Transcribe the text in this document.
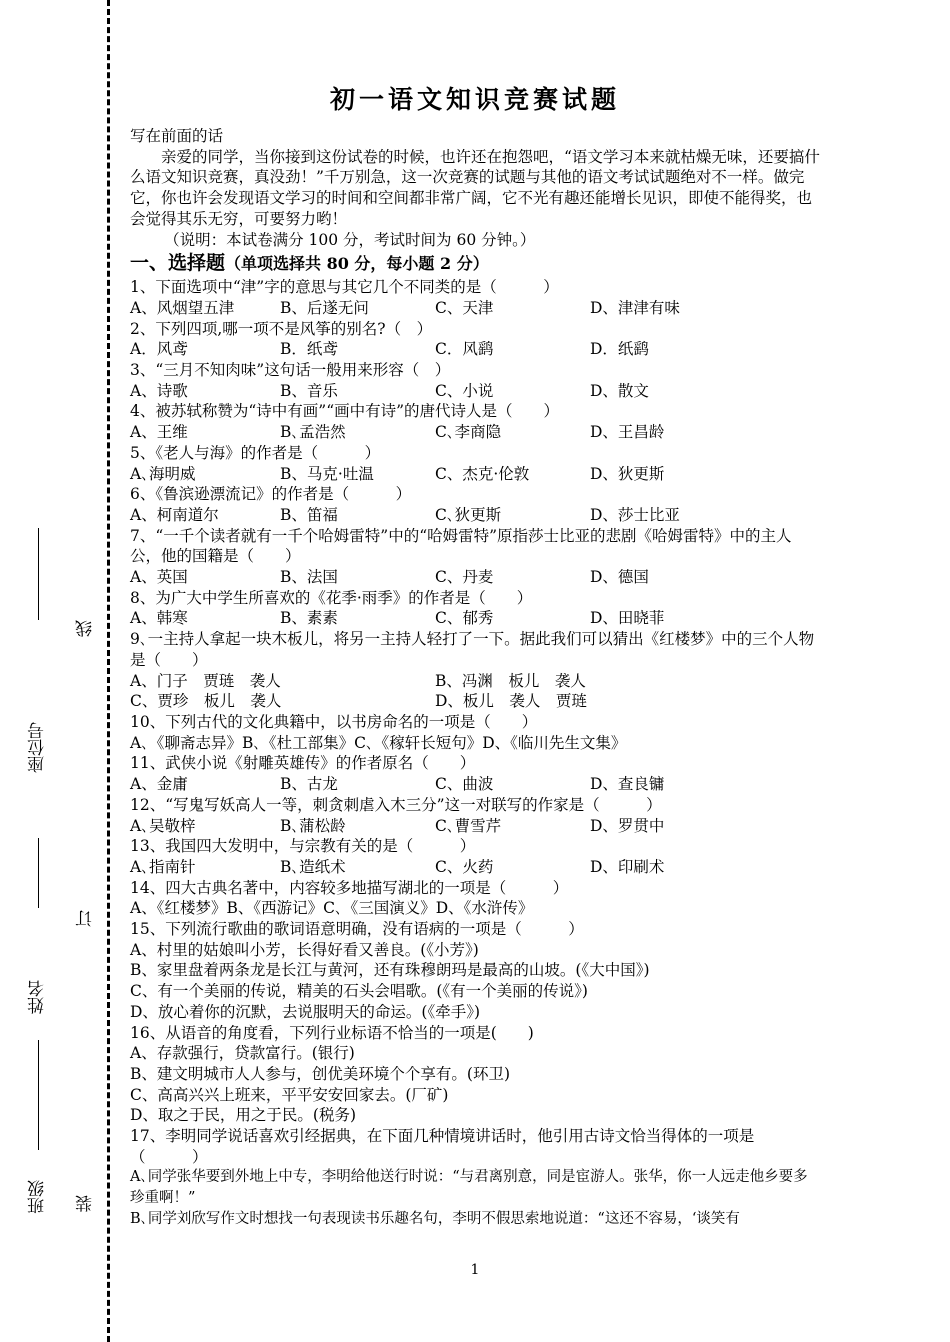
线
座位号
订
姓名
班级 装
初一语文知识竞赛试题

写在前面的话

亲爱的同学，当你接到这份试卷的时候，也许还在抱怨吧，“语文学习本来就枯燥无味，还要搞什么语文知识竞赛，真没劲！”千万别急，这一次竞赛的试题与其他的语文考试试题绝对不一样。做完它，你也许会发现语文学习的时间和空间都非常广阔，它不光有趣还能增长见识，即使不能得奖，也会觉得其乐无穷，可要努力哟！

（说明：本试卷满分 100 分，考试时间为 60 分钟。）

一、选择题（单项选择共 80 分，每小题 2 分）

1、下面选项中“津”字的意思与其它几个不同类的是（　　　）

A、风烟望五津	B、后遂无问	C、天津	D、津津有味

2、下列四项,哪一项不是风筝的别名?（　）

A．风鸢	B．纸鸢	C．风鹞	D．纸鹞

3、“三月不知肉味”这句话一般用来形容（　）

A、诗歌	B、音乐	C、小说	D、散文

4、被苏轼称赞为“诗中有画”“画中有诗”的唐代诗人是（　　）

A、王维	B､孟浩然	C､李商隐	D、王昌龄

5、《老人与海》的作者是（　　　）

A､海明威	B、马克·吐温	C、杰克·伦敦	D、狄更斯

6、《鲁滨逊漂流记》的作者是（　　　）

A、柯南道尔	B、笛福	C､狄更斯	D、莎士比亚

7、“一千个读者就有一千个哈姆雷特”中的“哈姆雷特”原指莎士比亚的悲剧《哈姆雷特》中的主人公，他的国籍是（　　）

A、英国	B、法国	C、丹麦	D、德国

8、为广大中学生所喜欢的《花季·雨季》的作者是（　　）

A、韩寒	B、素素	C、郁秀	D、田晓菲

9､一主持人拿起一块木板儿，将另一主持人轻打了一下。据此我们可以猜出《红楼梦》中的三个人物是（　　）

A、门子　贾琏　袭人	B、冯渊　板儿　袭人

C、贾珍　板儿　袭人	D、板儿　袭人　贾琏

10、下列古代的文化典籍中，以书房命名的一项是（　　）

A､《聊斋志异》B､《杜工部集》C､《稼轩长短句》D、《临川先生文集》

11、武侠小说《射雕英雄传》的作者原名（　　）

A、金庸	B、古龙	C、曲波	D、查良镛

12、“写鬼写妖高人一等，刺贪刺虐入木三分”这一对联写的作家是（　　　）

A､吴敬梓	B､蒲松龄	C､曹雪芹	D、罗贯中

13、我国四大发明中，与宗教有关的是（　　　）

A､指南针	B､造纸术	C、火药	D、印刷术

14、四大古典名著中，内容较多地描写湖北的一项是（　　　）

A、《红楼梦》B、《西游记》C､《三国演义》D、《水浒传》

15、下列流行歌曲的歌词语意明确，没有语病的一项是（　　　）

A、村里的姑娘叫小芳，长得好看又善良。(《小芳》)

B、家里盘着两条龙是长江与黄河，还有珠穆朗玛是最高的山坡。(《大中国》)

C、有一个美丽的传说，精美的石头会唱歌。(《有一个美丽的传说》)

D、放心着你的沉默，去说服明天的命运。(《牵手》)

16、从语音的角度看，下列行业标语不恰当的一项是(　　)

A、存款强行，贷款富行。(银行)

B、建文明城市人人参与，创优美环境个个享有。(环卫)

C、高高兴兴上班来，平平安安回家去。(厂矿)

D、取之于民，用之于民。(税务)

17、李明同学说话喜欢引经据典，在下面几种情境讲话时，他引用古诗文恰当得体的一项是（　　　）

A､同学张华要到外地上中专，李明给他送行时说：“与君离别意，同是宦游人。张华，你一人远走他乡要多珍重啊！”

B､同学刘欣写作文时想找一句表现读书乐趣名句，李明不假思索地说道：“这还不容易，‘谈笑有

1
